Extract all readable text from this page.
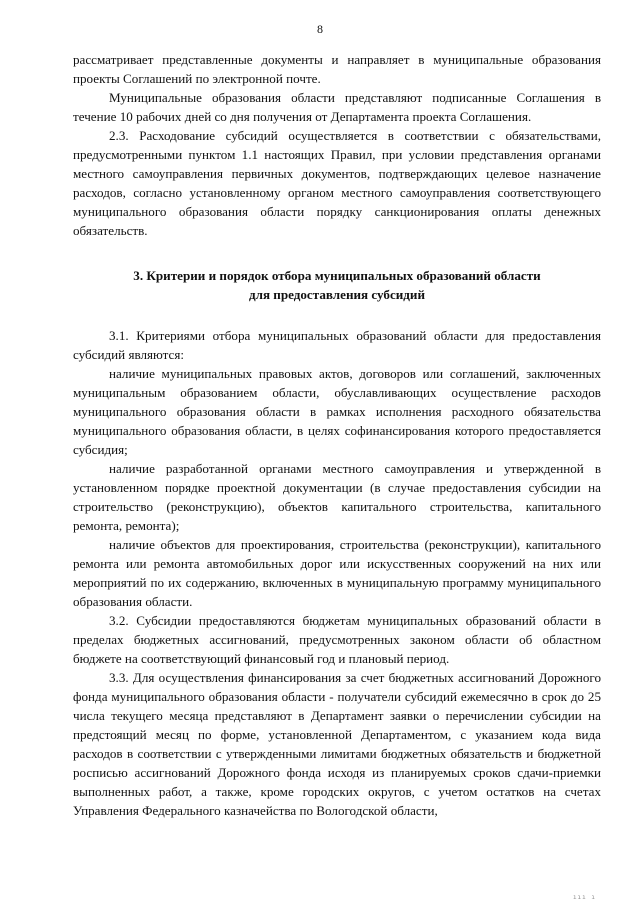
8

рассматривает представленные документы и направляет в муниципальные образования проекты Соглашений по электронной почте.

Муниципальные образования области представляют подписанные Соглашения в течение 10 рабочих дней со дня получения от Департамента проекта Соглашения.

2.3. Расходование субсидий осуществляется в соответствии с обязательствами, предусмотренными пунктом 1.1 настоящих Правил, при условии представления органами местного самоуправления первичных документов, подтверждающих целевое назначение расходов, согласно установленному органом местного самоуправления соответствующего муниципального образования области порядку санкционирования оплаты денежных обязательств.

3. Критерии и порядок отбора муниципальных образований области
для предоставления субсидий

3.1. Критериями отбора муниципальных образований области для предоставления субсидий являются:

наличие муниципальных правовых актов, договоров или соглашений, заключенных муниципальным образованием области, обуславливающих осуществление расходов муниципального образования области в рамках исполнения расходного обязательства муниципального образования области, в целях софинансирования которого предоставляется субсидия;

наличие разработанной органами местного самоуправления и утвержденной в установленном порядке проектной документации (в случае предоставления субсидии на строительство (реконструкцию), объектов капитального строительства, капитального ремонта, ремонта);

наличие объектов для проектирования, строительства (реконструкции), капитального ремонта или ремонта автомобильных дорог или искусственных сооружений на них или мероприятий по их содержанию, включенных в муниципальную программу муниципального образования области.

3.2. Субсидии предоставляются бюджетам муниципальных образований области в пределах бюджетных ассигнований, предусмотренных законом области об областном бюджете на соответствующий финансовый год и плановый период.

3.3. Для осуществления финансирования за счет бюджетных ассигнований Дорожного фонда муниципального образования области - получатели субсидий ежемесячно в срок до 25 числа текущего месяца представляют в Департамент заявки о перечислении субсидии на предстоящий месяц по форме, установленной Департаментом, с указанием кода вида расходов в соответствии с утвержденными лимитами бюджетных обязательств и бюджетной росписью ассигнований Дорожного фонда исходя из планируемых сроков сдачи-приемки выполненных работ, а также, кроме городских округов, с учетом остатков на счетах Управления Федерального казначейства по Вологодской области,

ııı ı
